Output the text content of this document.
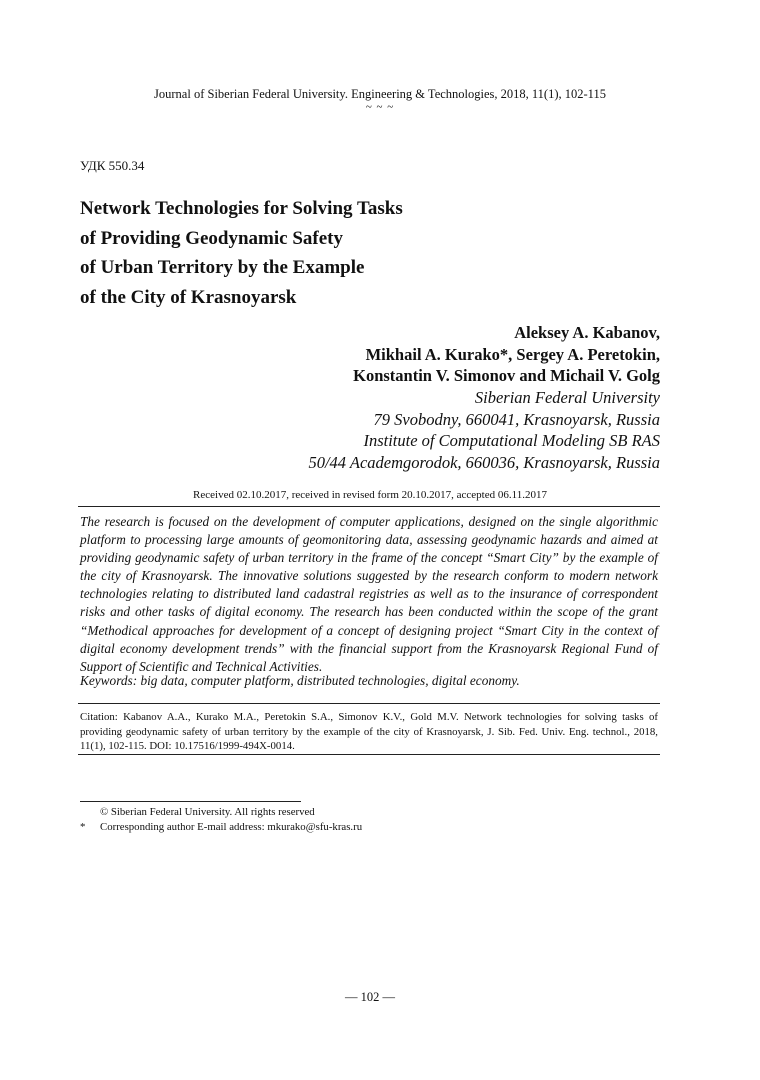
Journal of Siberian Federal University. Engineering & Technologies, 2018, 11(1), 102-115
~ ~ ~
УДК 550.34
Network Technologies for Solving Tasks
of Providing Geodynamic Safety
of Urban Territory by the Example
of the City of Krasnoyarsk
Aleksey A. Kabanov,
Mikhail A. Kurako*, Sergey A. Peretokin,
Konstantin V. Simonov and Michail V. Golg
Siberian Federal University
79 Svobodny, 660041, Krasnoyarsk, Russia
Institute of Computational Modeling SB RAS
50/44 Academgorodok, 660036, Krasnoyarsk, Russia
Received 02.10.2017, received in revised form 20.10.2017, accepted 06.11.2017

The research is focused on the development of computer applications, designed on the single algorithmic platform to processing large amounts of geomonitoring data, assessing geodynamic hazards and aimed at providing geodynamic safety of urban territory in the frame of the concept “Smart City” by the example of the city of Krasnoyarsk. The innovative solutions suggested by the research conform to modern network technologies relating to distributed land cadastral registries as well as to the insurance of correspondent risks and other tasks of digital economy. The research has been conducted within the scope of the grant “Methodical approaches for development of a concept of designing project “Smart City in the context of digital economy development trends” with the financial support from the Krasnoyarsk Regional Fund of Support of Scientific and Technical Activities.

Keywords: big data, computer platform, distributed technologies, digital economy.

Citation: Kabanov A.A., Kurako M.A., Peretokin S.A., Simonov K.V., Gold M.V. Network technologies for solving tasks of providing geodynamic safety of urban territory by the example of the city of Krasnoyarsk, J. Sib. Fed. Univ. Eng. technol., 2018, 11(1), 102-115. DOI: 10.17516/1999-494X-0014.

© Siberian Federal University. All rights reserved
* Corresponding author E-mail address: mkurako@sfu-kras.ru
— 102 —
